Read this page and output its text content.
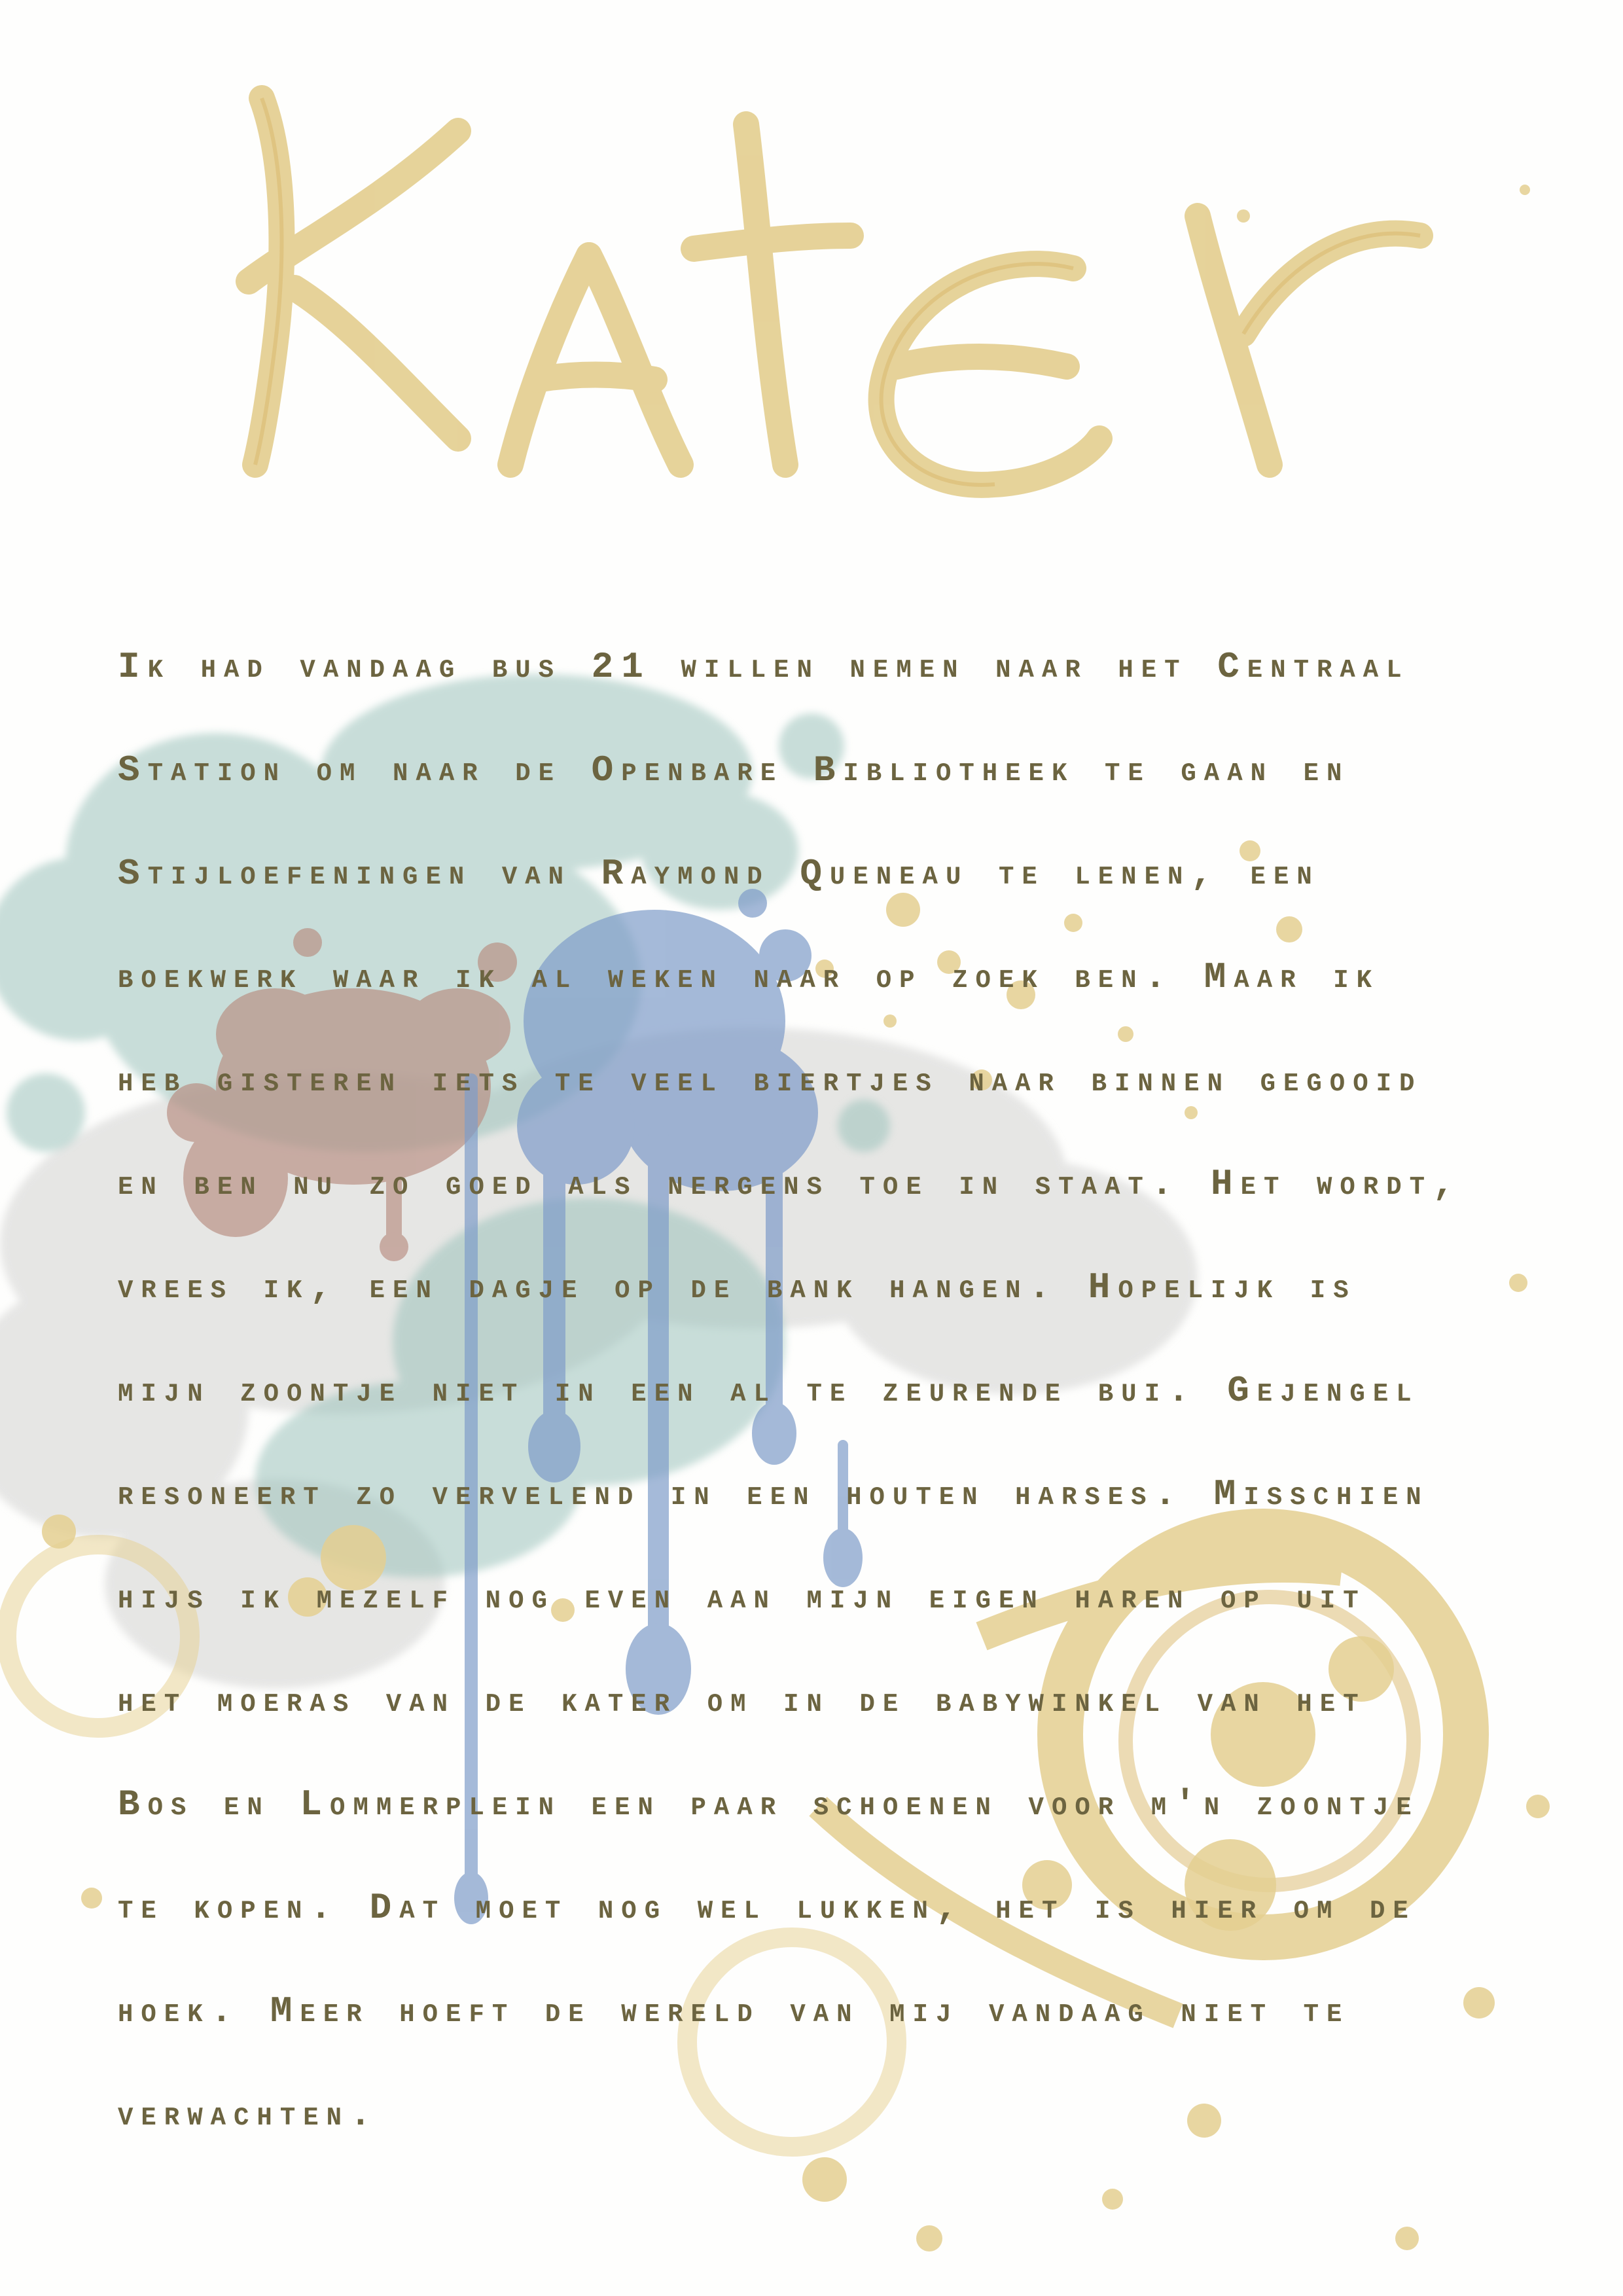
Ik had vandaag bus 21 willen nemen naar het Centraal
Station om naar de Openbare Bibliotheek te gaan en
Stijloefeningen van Raymond Queneau te lenen, een
boekwerk waar ik al weken naar op zoek ben. Maar ik
heb gisteren iets te veel biertjes naar binnen gegooid
en ben nu zo goed als nergens toe in staat. Het wordt,
vrees ik, een dagje op de bank hangen. Hopelijk is
mijn zoontje niet in een al te zeurende bui. Gejengel
resoneert zo vervelend in een houten harses. Misschien
hijs ik mezelf nog even aan mijn eigen haren op uit
het moeras van de kater om in de babywinkel van het
Bos en Lommerplein een paar schoenen voor m'n zoontje
te kopen. Dat moet nog wel lukken, het is hier om de
hoek. Meer hoeft de wereld van mij vandaag niet te
verwachten.
